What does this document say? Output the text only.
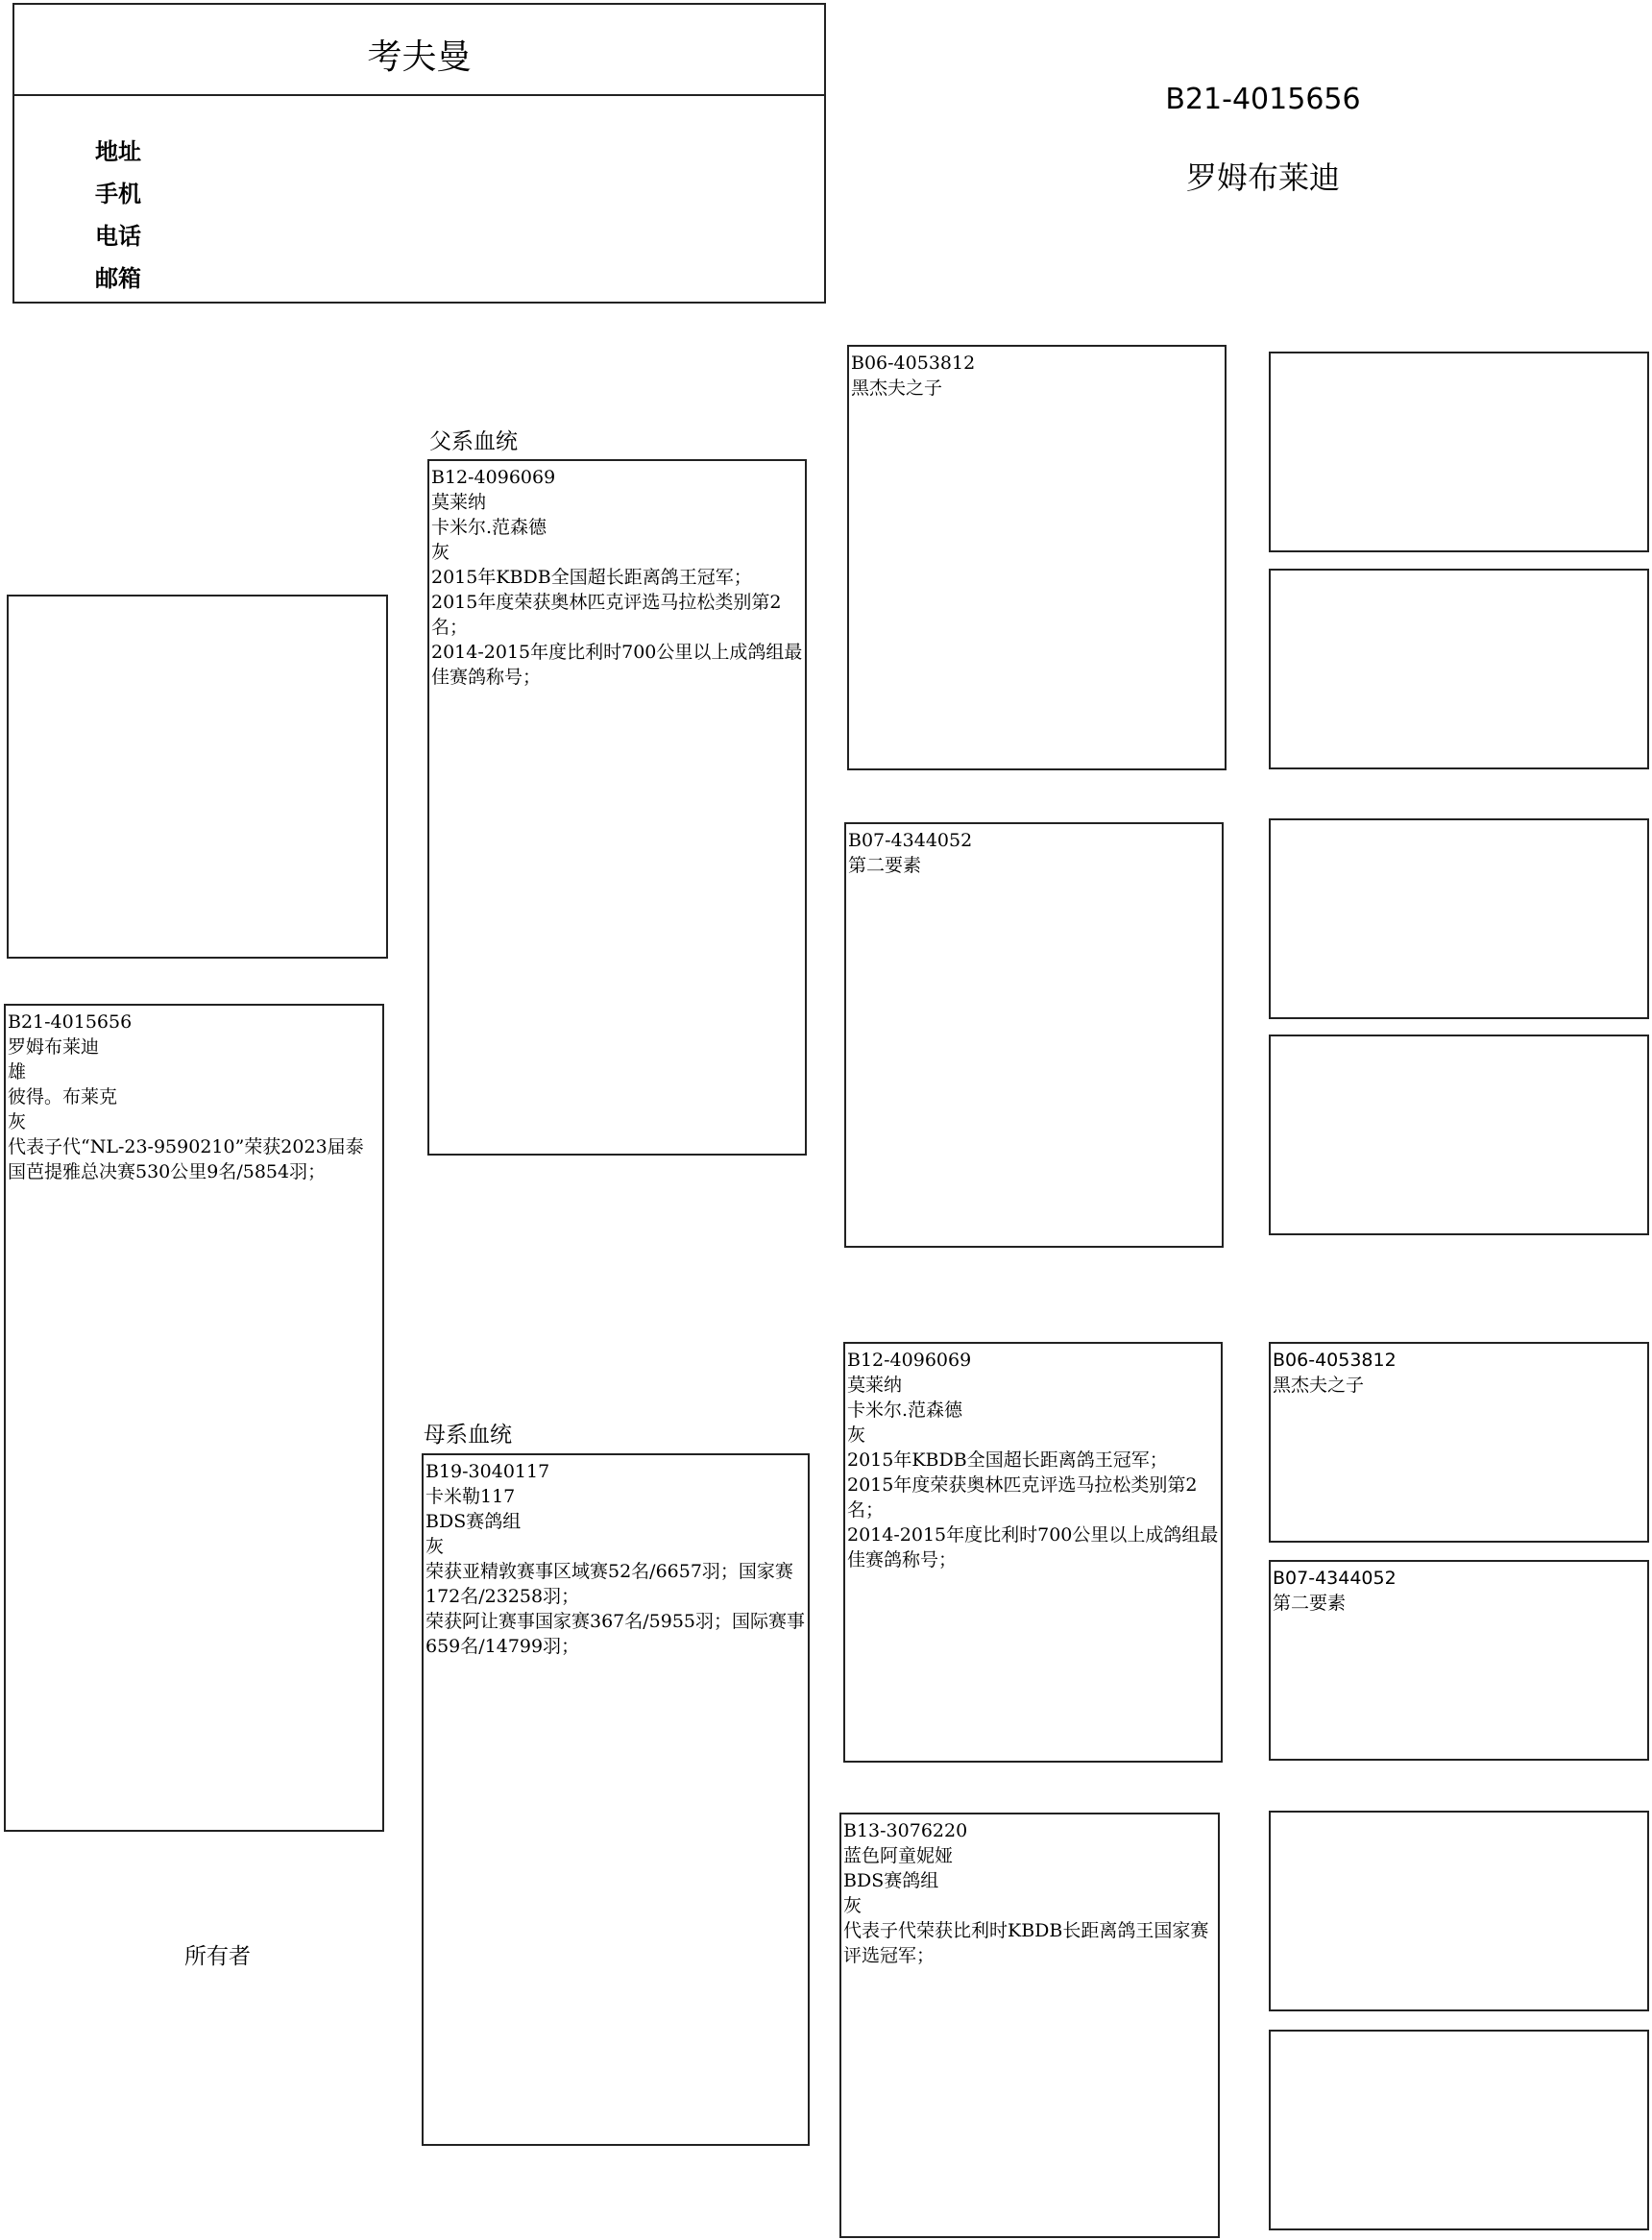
考夫曼
地址
手机
电话
邮箱
B21-4015656
罗姆布莱迪
B21-4015656
罗姆布莱迪
雄
彼得。布莱克
灰
代表子代“NL-23-9590210”荣获2023届泰国芭提雅总决赛530公里9名/5854羽；
所有者
父系血统
B12-4096069
莫莱纳
卡米尔.范森德
灰
2015年KBDB全国超长距离鸽王冠军；
2015年度荣获奥林匹克评选马拉松类别第2名；
2014-2015年度比利时700公里以上成鸽组最佳赛鸽称号；
母系血统
B19-3040117
卡米勒117
BDS赛鸽组
灰
荣获亚精敦赛事区域赛52名/6657羽；国家赛172名/23258羽；
荣获阿让赛事国家赛367名/5955羽；国际赛事659名/14799羽；
B06-4053812
黑杰夫之子
B07-4344052
第二要素
B12-4096069
莫莱纳
卡米尔.范森德
灰
2015年KBDB全国超长距离鸽王冠军；
2015年度荣获奥林匹克评选马拉松类别第2名；
2014-2015年度比利时700公里以上成鸽组最佳赛鸽称号；
B13-3076220
蓝色阿童妮娅
BDS赛鸽组
灰
代表子代荣获比利时KBDB长距离鸽王国家赛评选冠军；
B06-4053812
黑杰夫之子
B07-4344052
第二要素
